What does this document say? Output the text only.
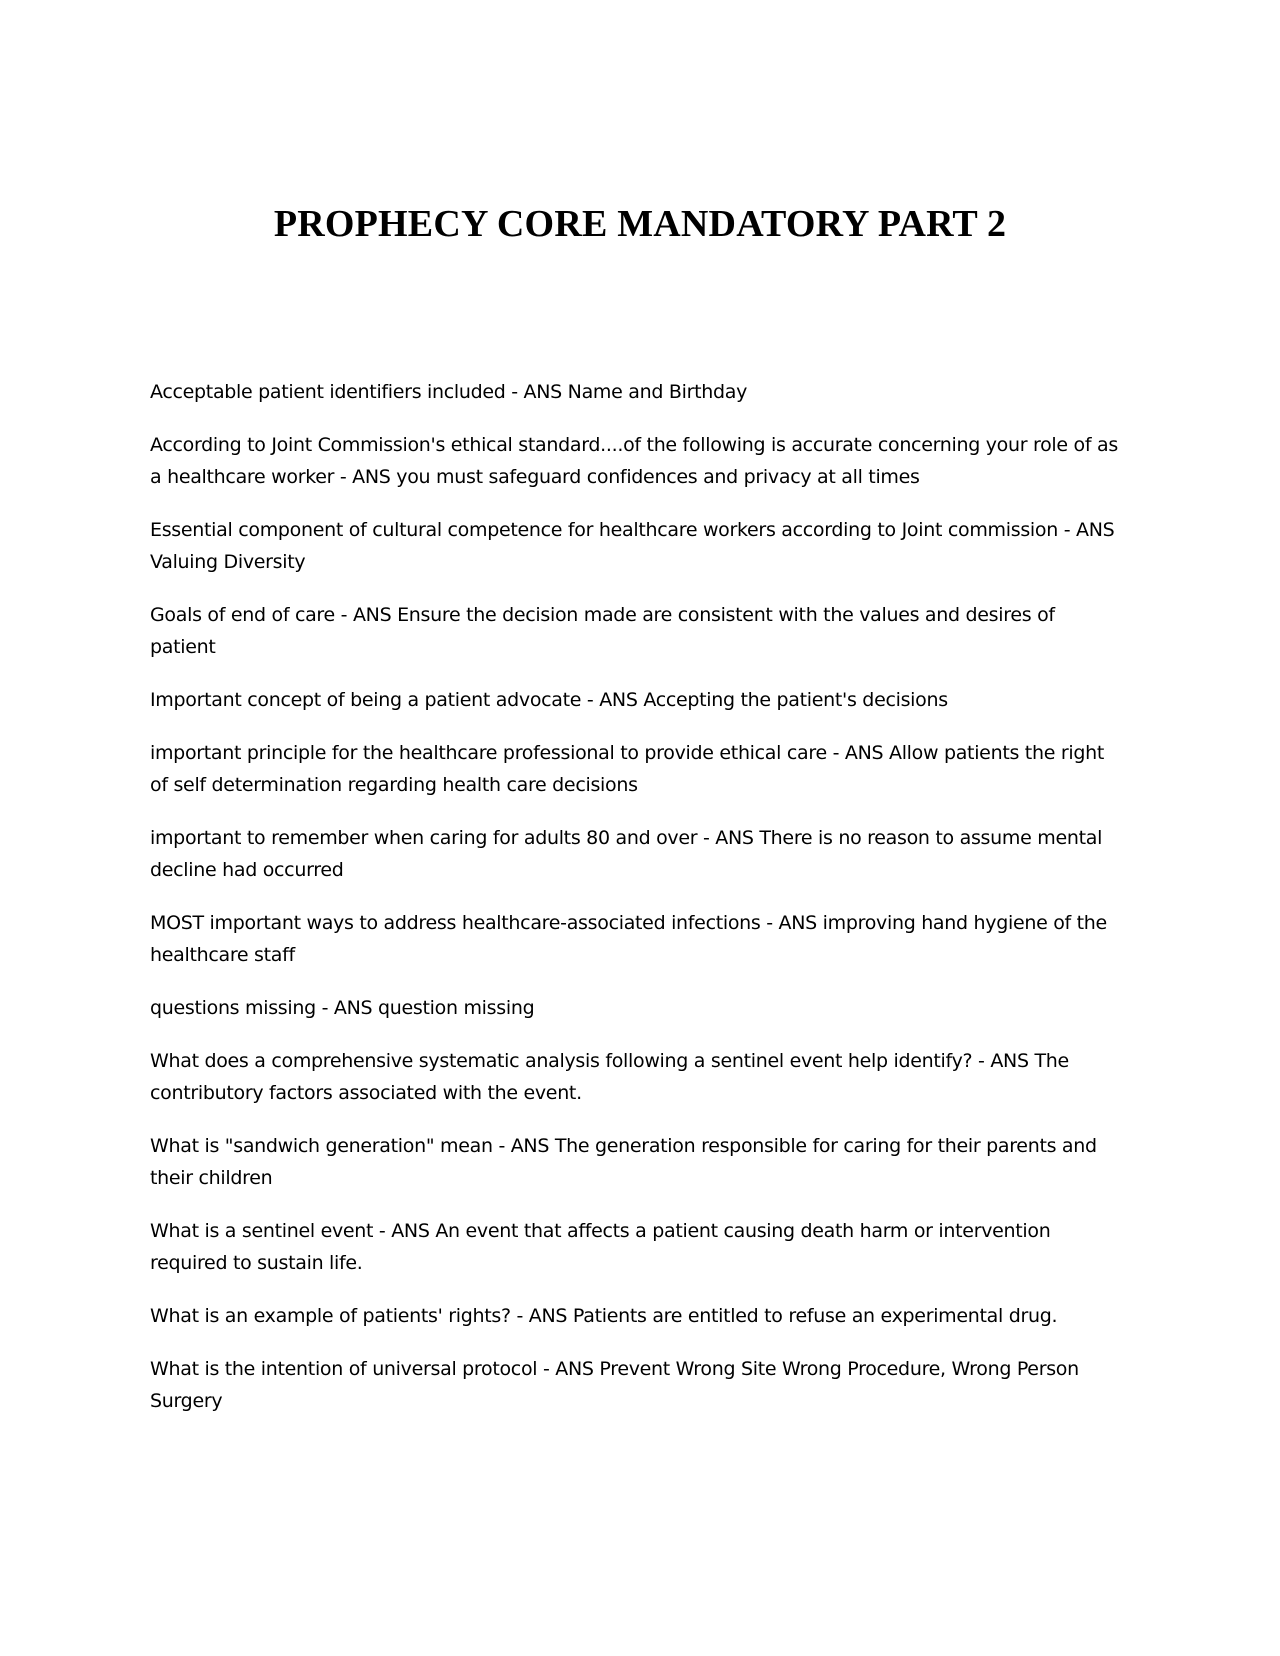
PROPHECY CORE MANDATORY PART 2
Acceptable patient identifiers included - ANS Name and Birthday
According to Joint Commission's ethical standard....of the following is accurate concerning your role of as a healthcare worker - ANS you must safeguard confidences and privacy at all times
Essential component of cultural competence for healthcare workers according to Joint commission - ANS Valuing Diversity
Goals of end of care - ANS Ensure the decision made are consistent with the values and desires of patient
Important concept of being a patient advocate - ANS Accepting the patient's decisions
important principle for the healthcare professional to provide ethical care - ANS Allow patients the right of self determination regarding health care decisions
important to remember when caring for adults 80 and over - ANS There is no reason to assume mental decline had occurred
MOST important ways to address healthcare-associated infections - ANS improving hand hygiene of the healthcare staff
questions missing - ANS question missing
What does a comprehensive systematic analysis following a sentinel event help identify? - ANS The contributory factors associated with the event.
What is "sandwich generation" mean - ANS The generation responsible for caring for their parents and their children
What is a sentinel event - ANS An event that affects a patient causing death harm or intervention required to sustain life.
What is an example of patients' rights? - ANS Patients are entitled to refuse an experimental drug.
What is the intention of universal protocol - ANS Prevent Wrong Site Wrong Procedure, Wrong Person Surgery
